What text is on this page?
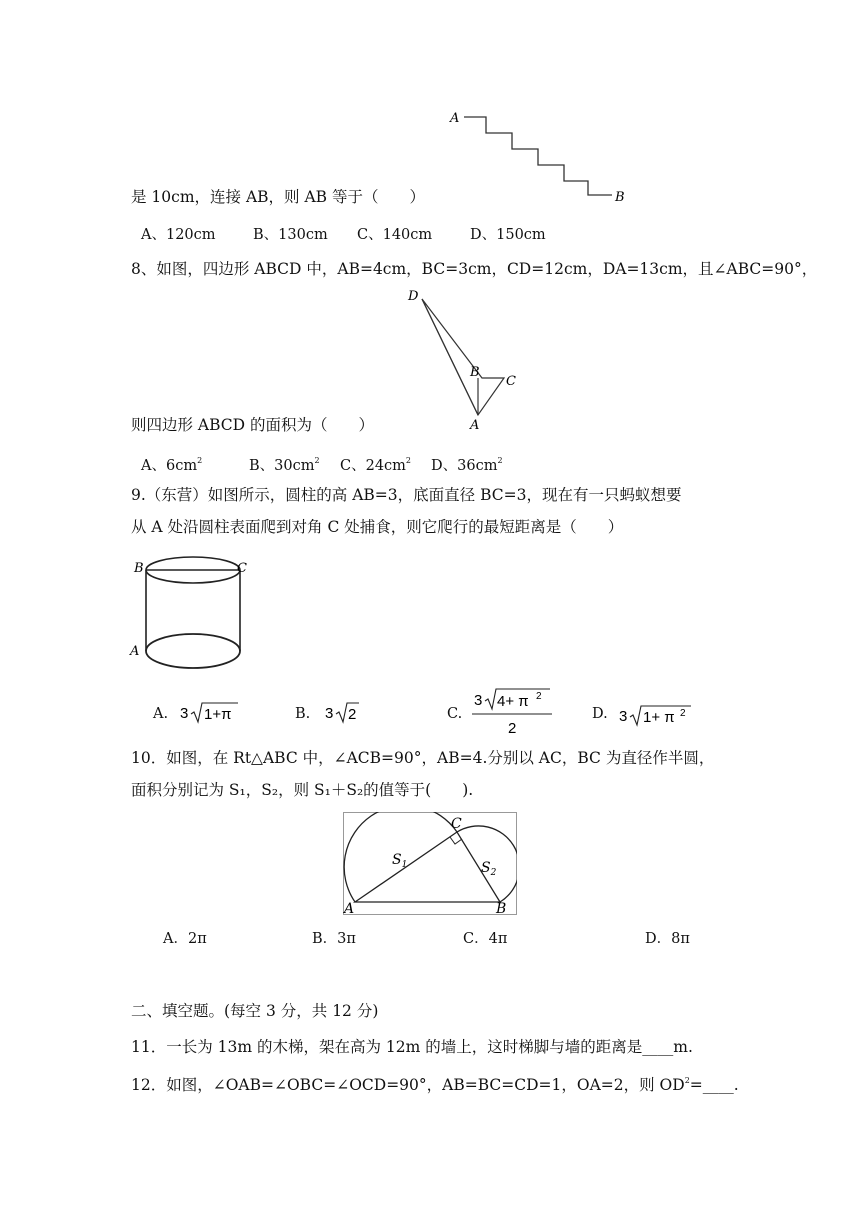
A
B
是 10cm，连接 AB，则 AB 等于（　　）
A、120cm	B、130cm C、140cm	D、150cm
8、如图，四边形 ABCD 中，AB=4cm，BC=3cm，CD=12cm，DA=13cm，且∠ABC=90°，
D
B
C
A
则四边形 ABCD 的面积为（　　）
A、$6cm^2$	B、$30cm^2$ C、$24cm^2$ D、$36cm^2$
9.（东营）如图所示，圆柱的高 AB=3，底面直径 BC=3，现在有一只蚂蚁想要
从 A 处沿圆柱表面爬到对角 C 处捕食，则它爬行的最短距离是（　　）
B	C
A
A. 3 1+π	B. 3 2	C.
3 4+ π 2
2
D. 3 1+ π 2
10．如图，在 Rt△ABC 中，∠ACB=90°，AB=4.分别以 AC，BC 为直径作半圆，
面积分别记为 S₁，S₂，则 S₁＋S₂的值等于(　　).
C
A	B
$S_1$	$S_2$
A．2π	B．3π	C．4π	D．8π
二、填空题。(每空 3 分，共 12 分)
11．一长为 13m 的木梯，架在高为 12m 的墙上，这时梯脚与墙的距离是____m.
12．如图，∠OAB=∠OBC=∠OCD=90°，AB=BC=CD=1，OA=2，则 $OD^2=\_\_\_\_$.
